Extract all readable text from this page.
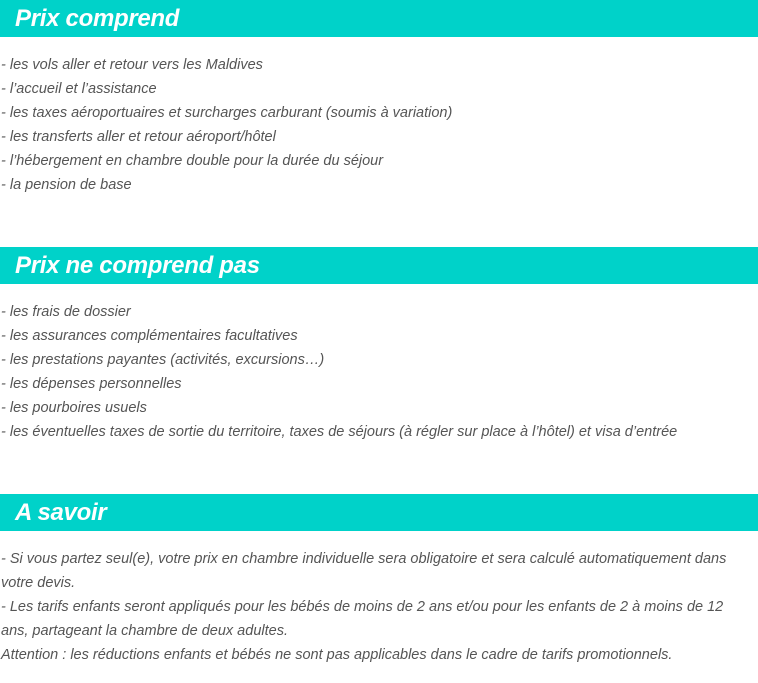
Prix comprend

- les vols aller et retour vers les Maldives

- l’accueil et l’assistance

- les taxes aéroportuaires et surcharges carburant (soumis à variation)

- les transferts aller et retour aéroport/hôtel

- l’hébergement en chambre double pour la durée du séjour

- la pension de base

Prix ne comprend pas

- les frais de dossier

- les assurances complémentaires facultatives

- les prestations payantes (activités, excursions…)

- les dépenses personnelles

- les pourboires usuels

- les éventuelles taxes de sortie du territoire, taxes de séjours (à régler sur place à l’hôtel) et visa d’entrée

A savoir

- Si vous partez seul(e), votre prix en chambre individuelle sera obligatoire et sera calculé automatiquement dans votre devis.

- Les tarifs enfants seront appliqués pour les bébés de moins de 2 ans et/ou pour les enfants de 2 à moins de 12 ans, partageant la chambre de deux adultes.

Attention : les réductions enfants et bébés ne sont pas applicables dans le cadre de tarifs promotionnels.
